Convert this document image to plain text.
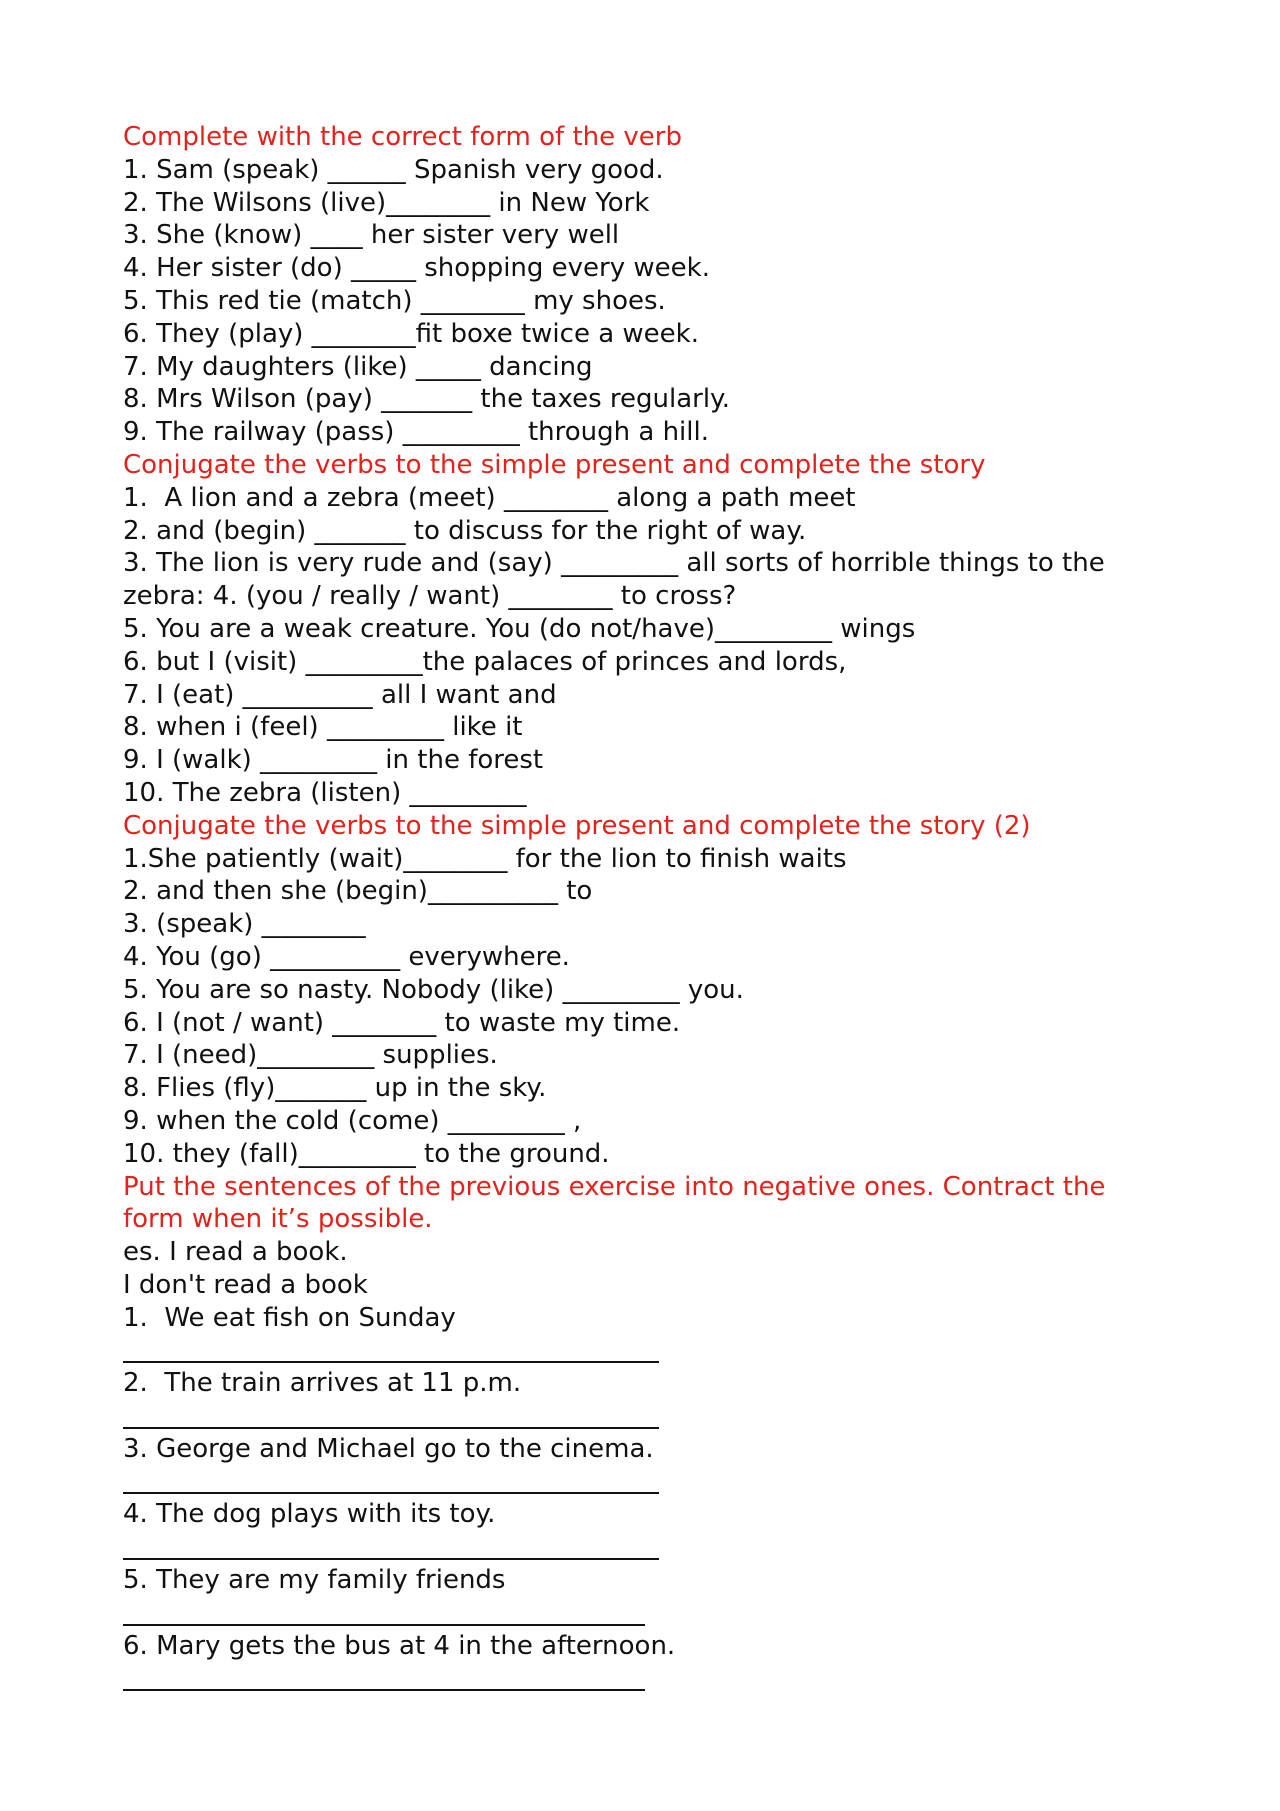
Complete with the correct form of the verb
1. Sam (speak) ______ Spanish very good.
2. The Wilsons (live)________ in New York
3. She (know) ____ her sister very well
4. Her sister (do) _____ shopping every week.
5. This red tie (match) ________ my shoes.
6. They (play) ________fit boxe twice a week.
7. My daughters (like) _____ dancing
8. Mrs Wilson (pay) _______ the taxes regularly.
9. The railway (pass) _________ through a hill.
Conjugate the verbs to the simple present and complete the story
1.  A lion and a zebra (meet) ________ along a path meet
2. and (begin) _______ to discuss for the right of way.
3. The lion is very rude and (say) _________ all sorts of horrible things to the zebra: 4. (you / really / want) ________ to cross?
5. You are a weak creature. You (do not/have)_________ wings
6. but I (visit) _________the palaces of princes and lords,
7. I (eat) __________ all I want and
8. when i (feel) _________ like it
9. I (walk) _________ in the forest
10. The zebra (listen) _________
Conjugate the verbs to the simple present and complete the story (2)
1.She patiently (wait)________ for the lion to finish waits
2. and then she (begin)__________ to
3. (speak) ________
4. You (go) __________ everywhere.
5. You are so nasty. Nobody (like) _________ you.
6. I (not / want) ________ to waste my time.
7. I (need)_________ supplies.
8. Flies (fly)_______ up in the sky.
9. when the cold (come) _________ ,
10. they (fall)_________ to the ground.
Put the sentences of the previous exercise into negative ones. Contract the form when it’s possible.
es. I read a book.
I don't read a book
1.  We eat fish on Sunday
2.  The train arrives at 11 p.m.
3. George and Michael go to the cinema.
4. The dog plays with its toy.
5. They are my family friends
6. Mary gets the bus at 4 in the afternoon.
